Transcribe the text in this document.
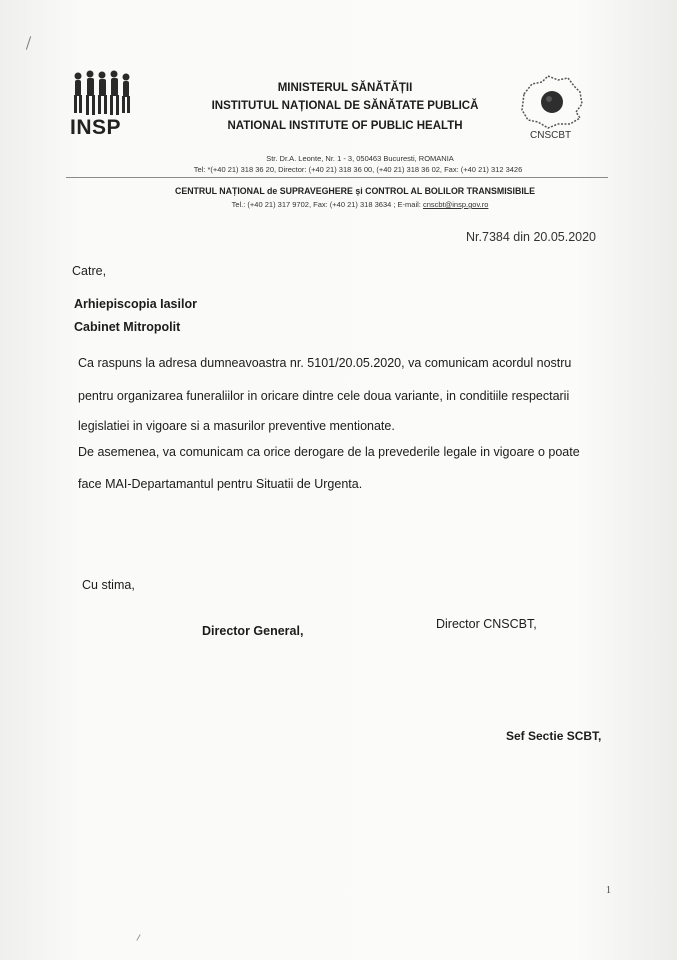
INSP
MINISTERUL SĂNĂTĂȚII
INSTITUTUL NAȚIONAL DE SĂNĂTATE PUBLICĂ
NATIONAL INSTITUTE OF PUBLIC HEALTH
CNSCBT
Str. Dr.A. Leonte, Nr. 1 - 3, 050463 Bucuresti, ROMANIA
Tel: *(+40 21) 318 36 20, Director: (+40 21) 318 36 00, (+40 21) 318 36 02, Fax: (+40 21) 312 3426
CENTRUL NAȚIONAL de SUPRAVEGHERE și CONTROL AL BOLILOR TRANSMISIBILE
Tel.: (+40 21) 317 9702, Fax: (+40 21) 318 3634 ; E-mail: cnscbt@insp.gov.ro
Nr.7384 din 20.05.2020
Catre,
Arhiepiscopia Iasilor
Cabinet Mitropolit
Ca raspuns la adresa dumneavoastra nr. 5101/20.05.2020, va comunicam acordul nostru
pentru organizarea funeraliilor in oricare dintre cele doua variante, in conditiile respectarii
legislatiei in vigoare si a masurilor preventive mentionate.
De asemenea, va comunicam ca orice derogare de la prevederile legale in vigoare o poate
face MAI-Departamantul pentru Situatii de Urgenta.
Cu stima,
Director General,	Director CNSCBT,
Sef Sectie SCBT,
1
